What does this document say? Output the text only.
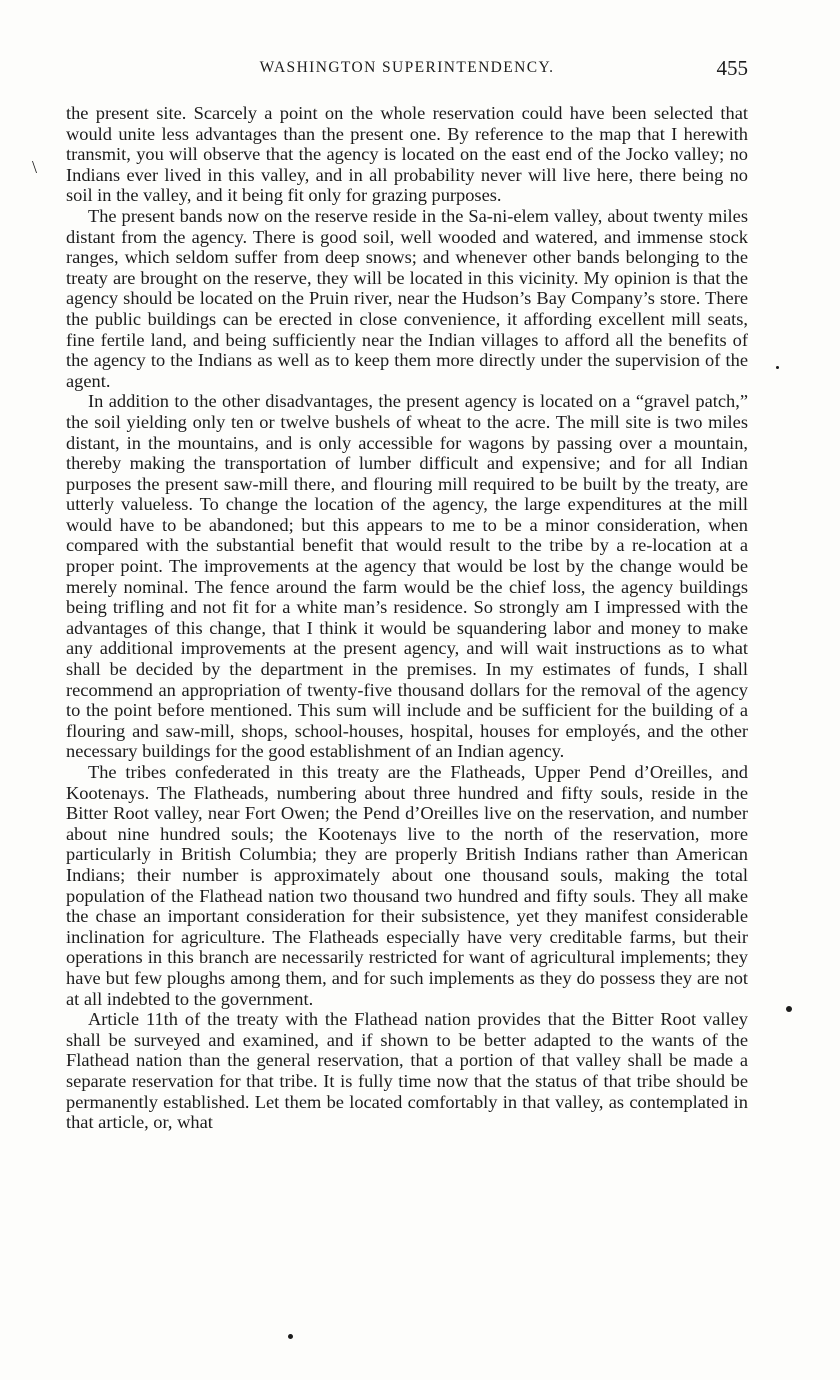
WASHINGTON SUPERINTENDENCY.	455

the present site. Scarcely a point on the whole reservation could have been selected that would unite less advantages than the present one. By reference to the map that I herewith transmit, you will observe that the agency is located on the east end of the Jocko valley; no Indians ever lived in this valley, and in all probability never will live here, there being no soil in the valley, and it being fit only for grazing purposes.

The present bands now on the reserve reside in the Sa-ni-elem valley, about twenty miles distant from the agency. There is good soil, well wooded and watered, and immense stock ranges, which seldom suffer from deep snows; and whenever other bands belonging to the treaty are brought on the reserve, they will be located in this vicinity. My opinion is that the agency should be located on the Pruin river, near the Hudson’s Bay Company’s store. There the public buildings can be erected in close convenience, it affording excellent mill seats, fine fertile land, and being sufficiently near the Indian villages to afford all the benefits of the agency to the Indians as well as to keep them more directly under the supervision of the agent.

In addition to the other disadvantages, the present agency is located on a “gravel patch,” the soil yielding only ten or twelve bushels of wheat to the acre. The mill site is two miles distant, in the mountains, and is only accessible for wagons by passing over a mountain, thereby making the transportation of lumber difficult and expensive; and for all Indian purposes the present saw-mill there, and flouring mill required to be built by the treaty, are utterly valueless. To change the location of the agency, the large expenditures at the mill would have to be abandoned; but this appears to me to be a minor consideration, when compared with the substantial benefit that would result to the tribe by a re-location at a proper point. The improvements at the agency that would be lost by the change would be merely nominal. The fence around the farm would be the chief loss, the agency buildings being trifling and not fit for a white man’s residence. So strongly am I impressed with the advantages of this change, that I think it would be squandering labor and money to make any additional improvements at the present agency, and will wait instructions as to what shall be decided by the department in the premises. In my estimates of funds, I shall recommend an appropriation of twenty-five thousand dollars for the removal of the agency to the point before mentioned. This sum will include and be sufficient for the building of a flouring and saw-mill, shops, school-houses, hospital, houses for employés, and the other necessary buildings for the good establishment of an Indian agency.

The tribes confederated in this treaty are the Flatheads, Upper Pend d’Oreilles, and Kootenays. The Flatheads, numbering about three hundred and fifty souls, reside in the Bitter Root valley, near Fort Owen; the Pend d’Oreilles live on the reservation, and number about nine hundred souls; the Kootenays live to the north of the reservation, more particularly in British Columbia; they are properly British Indians rather than American Indians; their number is approximately about one thousand souls, making the total population of the Flathead nation two thousand two hundred and fifty souls. They all make the chase an important consideration for their subsistence, yet they manifest considerable inclination for agriculture. The Flatheads especially have very creditable farms, but their operations in this branch are necessarily restricted for want of agricultural implements; they have but few ploughs among them, and for such implements as they do possess they are not at all indebted to the government.

Article 11th of the treaty with the Flathead nation provides that the Bitter Root valley shall be surveyed and examined, and if shown to be better adapted to the wants of the Flathead nation than the general reservation, that a portion of that valley shall be made a separate reservation for that tribe. It is fully time now that the status of that tribe should be permanently established. Let them be located comfortably in that valley, as contemplated in that article, or, what

\
